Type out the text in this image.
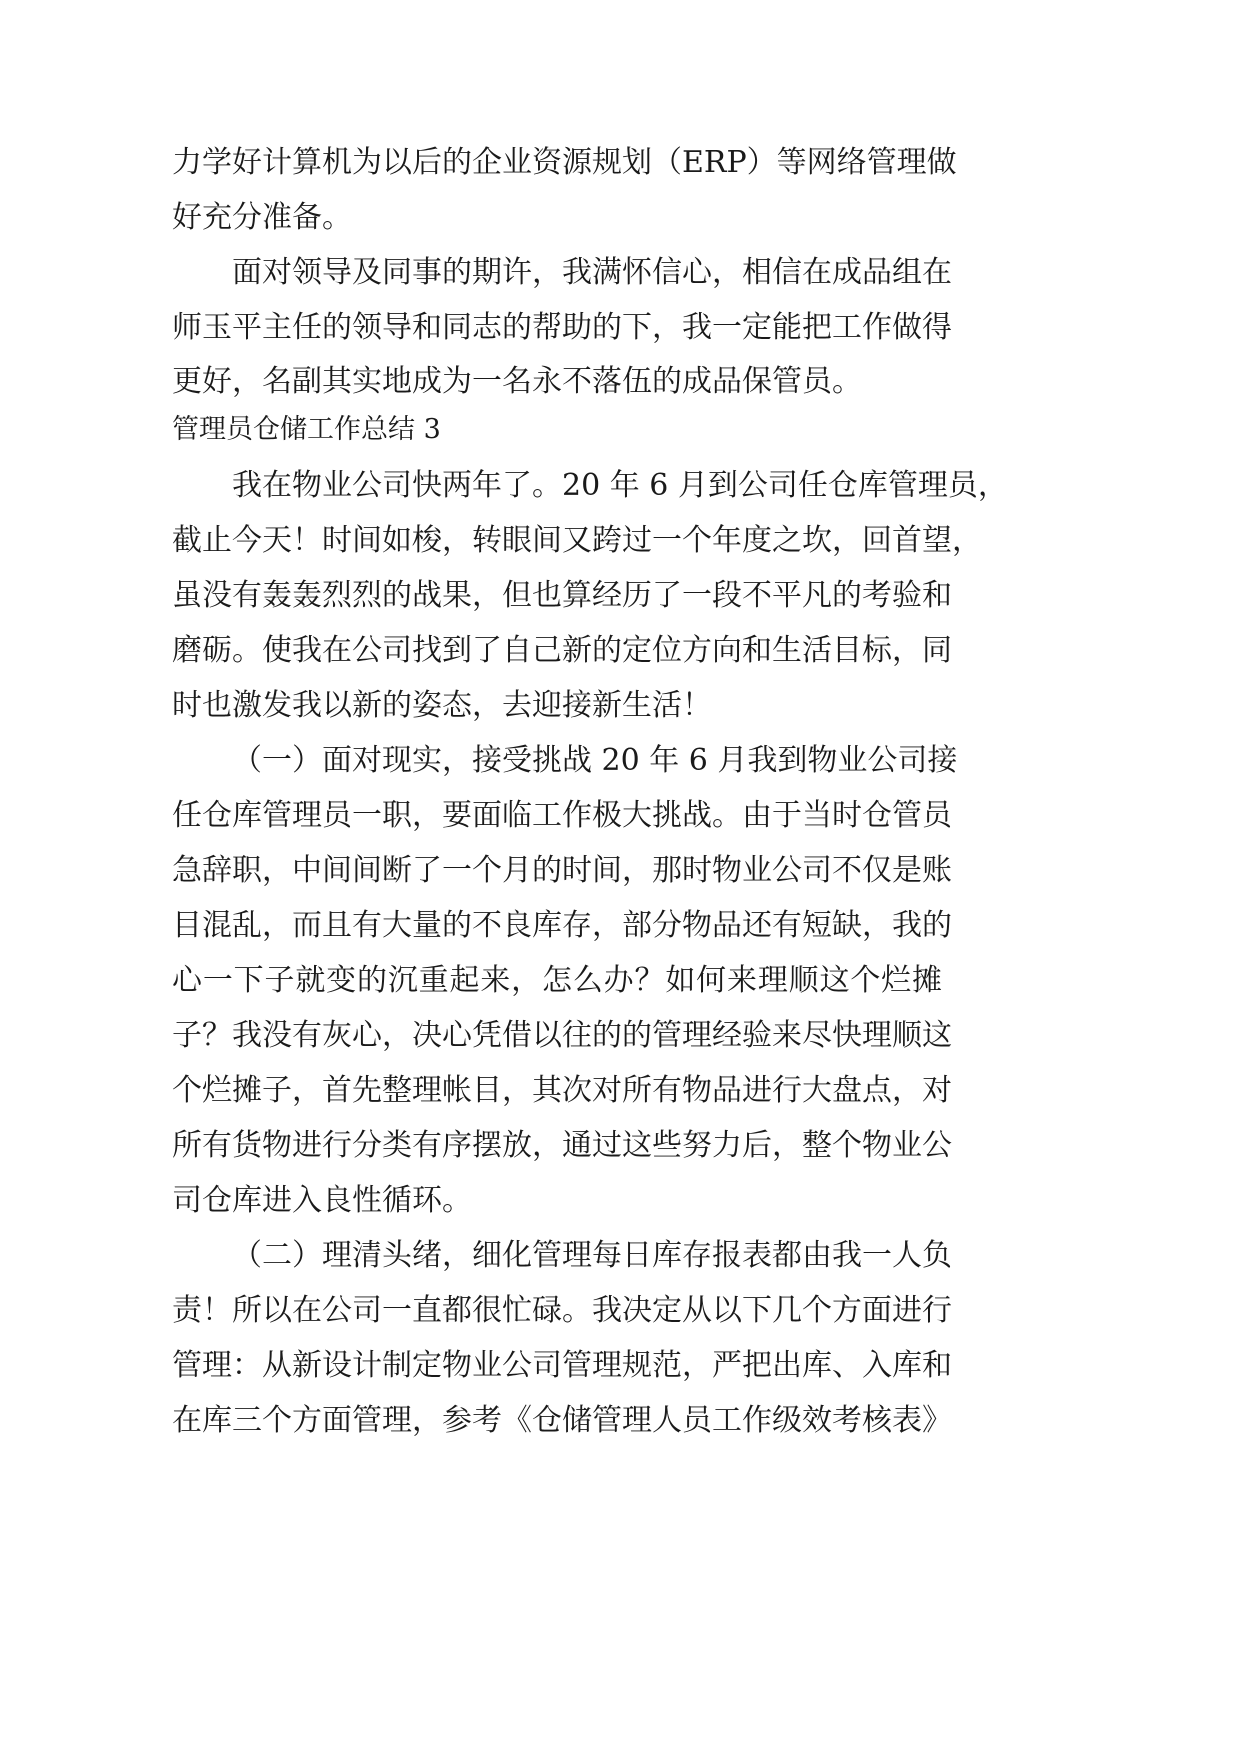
力学好计算机为以后的企业资源规划（ERP）等网络管理做
好充分准备。
面对领导及同事的期许，我满怀信心，相信在成品组在
师玉平主任的领导和同志的帮助的下，我一定能把工作做得
更好，名副其实地成为一名永不落伍的成品保管员。
管理员仓储工作总结 3
我在物业公司快两年了。20 年 6 月到公司任仓库管理员，
截止今天！时间如梭，转眼间又跨过一个年度之坎，回首望，
虽没有轰轰烈烈的战果，但也算经历了一段不平凡的考验和
磨砺。使我在公司找到了自己新的定位方向和生活目标，同
时也激发我以新的姿态，去迎接新生活！
（一）面对现实，接受挑战 20 年 6 月我到物业公司接
任仓库管理员一职，要面临工作极大挑战。由于当时仓管员
急辞职，中间间断了一个月的时间，那时物业公司不仅是账
目混乱，而且有大量的不良库存，部分物品还有短缺，我的
心一下子就变的沉重起来，怎么办？如何来理顺这个烂摊
子？我没有灰心，决心凭借以往的的管理经验来尽快理顺这
个烂摊子，首先整理帐目，其次对所有物品进行大盘点，对
所有货物进行分类有序摆放，通过这些努力后，整个物业公
司仓库进入良性循环。
（二）理清头绪，细化管理每日库存报表都由我一人负
责！所以在公司一直都很忙碌。我决定从以下几个方面进行
管理：从新设计制定物业公司管理规范，严把出库、入库和
在库三个方面管理，参考《仓储管理人员工作级效考核表》
